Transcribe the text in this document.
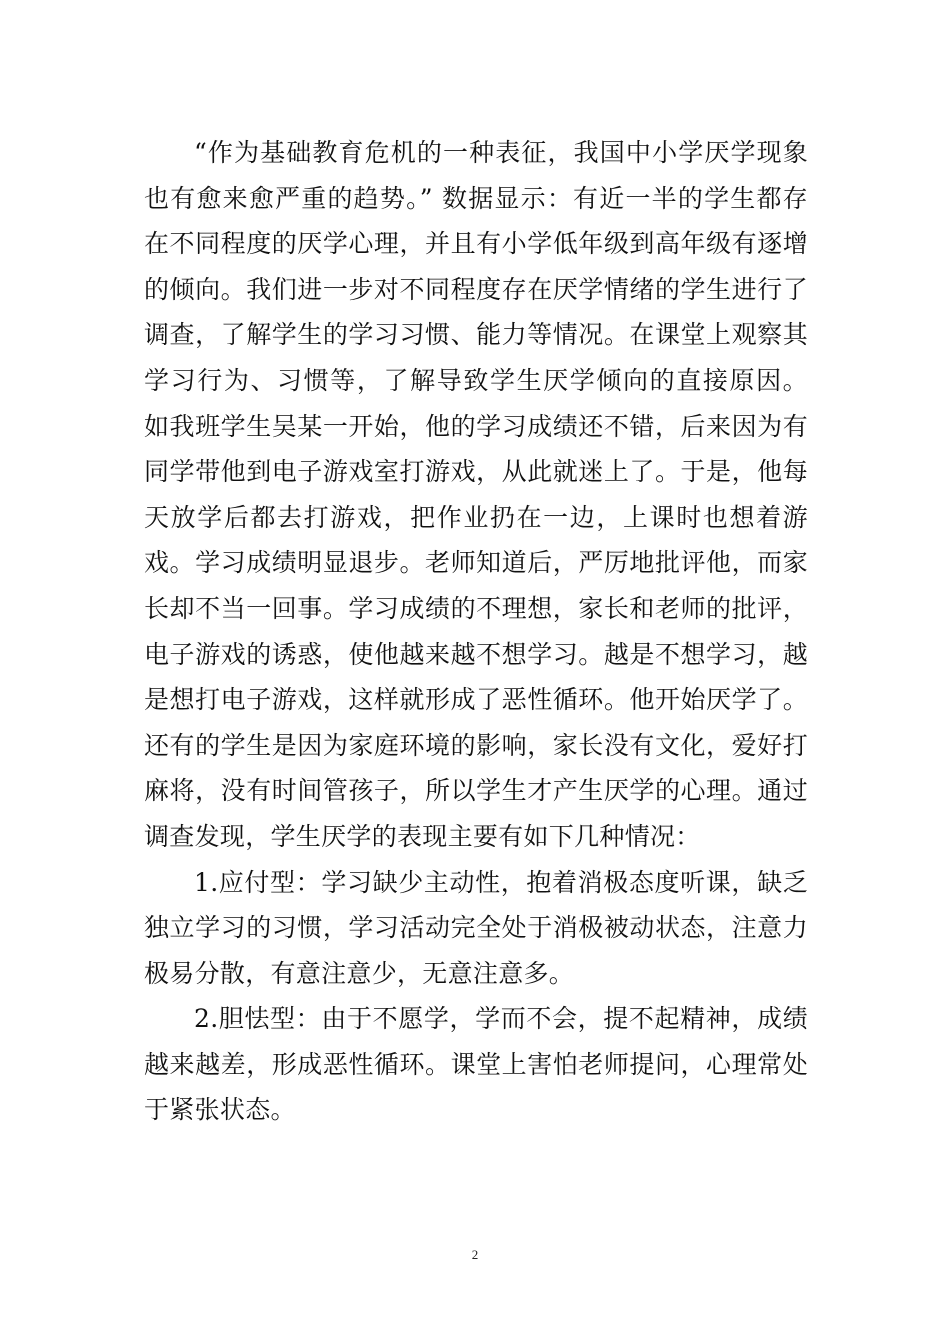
“作为基础教育危机的一种表征，我国中小学厌学现象也有愈来愈严重的趋势。” 数据显示：有近一半的学生都存在不同程度的厌学心理，并且有小学低年级到高年级有逐增的倾向。我们进一步对不同程度存在厌学情绪的学生进行了调查，了解学生的学习习惯、能力等情况。在课堂上观察其学习行为、习惯等，了解导致学生厌学倾向的直接原因。 如我班学生吴某一开始，他的学习成绩还不错，后来因为有同学带他到电子游戏室打游戏，从此就迷上了。于是，他每天放学后都去打游戏，把作业扔在一边，上课时也想着游戏。学习成绩明显退步。老师知道后，严厉地批评他，而家长却不当一回事。学习成绩的不理想，家长和老师的批评，电子游戏的诱惑，使他越来越不想学习。越是不想学习，越是想打电子游戏，这样就形成了恶性循环。他开始厌学了。还有的学生是因为家庭环境的影响，家长没有文化，爱好打麻将，没有时间管孩子，所以学生才产生厌学的心理。通过调查发现，学生厌学的表现主要有如下几种情况：

1.应付型：学习缺少主动性，抱着消极态度听课，缺乏独立学习的习惯，学习活动完全处于消极被动状态，注意力极易分散，有意注意少，无意注意多。

2.胆怯型：由于不愿学，学而不会，提不起精神，成绩越来越差，形成恶性循环。课堂上害怕老师提问，心理常处于紧张状态。

2
